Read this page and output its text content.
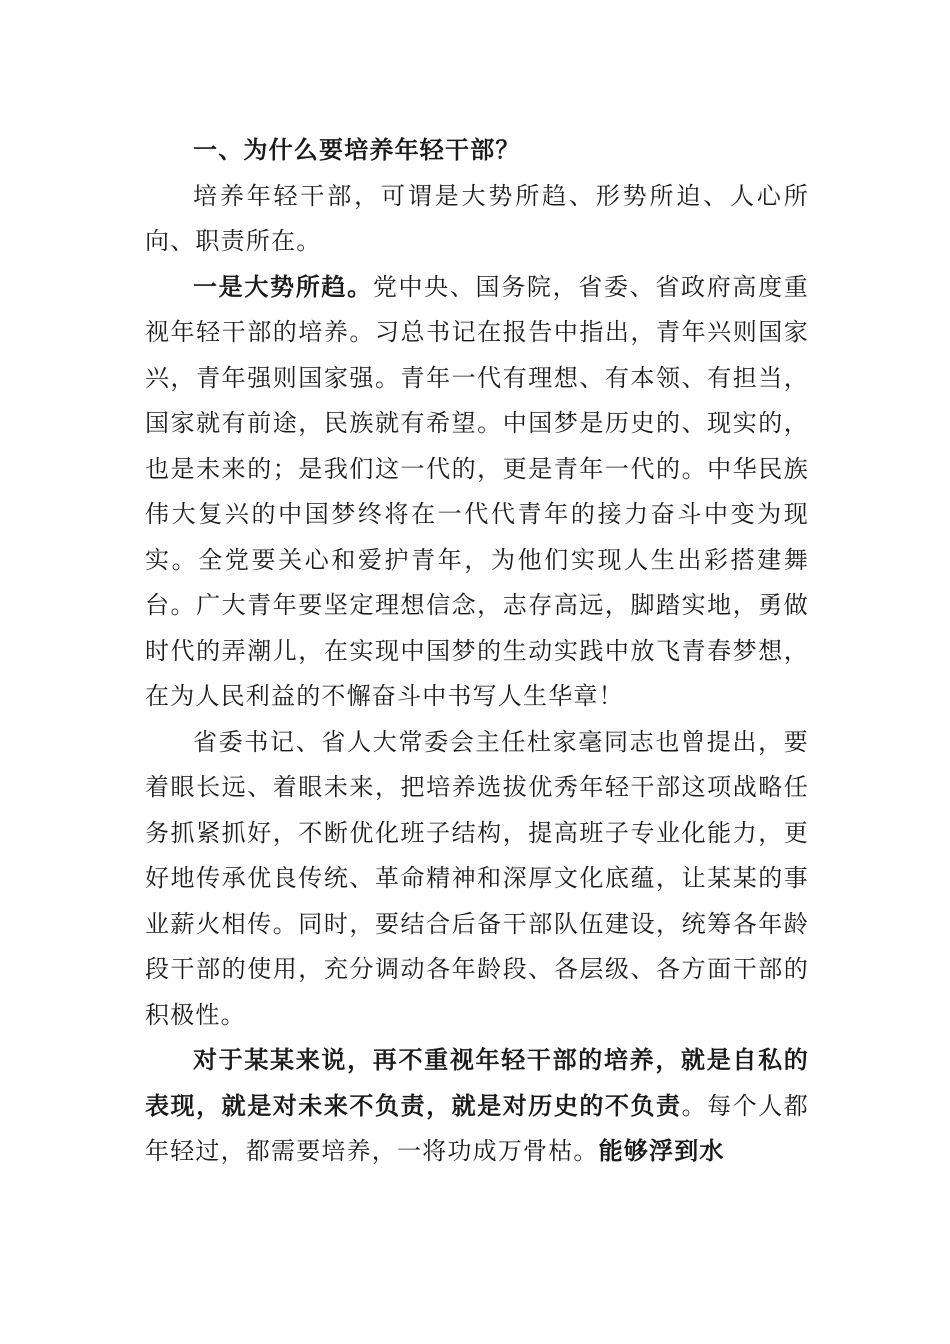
一、为什么要培养年轻干部？

培养年轻干部，可谓是大势所趋、形势所迫、人心所向、职责所在。

一是大势所趋。党中央、国务院，省委、省政府高度重视年轻干部的培养。习总书记在报告中指出，青年兴则国家兴，青年强则国家强。青年一代有理想、有本领、有担当，国家就有前途，民族就有希望。中国梦是历史的、现实的，也是未来的；是我们这一代的，更是青年一代的。中华民族伟大复兴的中国梦终将在一代代青年的接力奋斗中变为现实。全党要关心和爱护青年，为他们实现人生出彩搭建舞台。广大青年要坚定理想信念，志存高远，脚踏实地，勇做时代的弄潮儿，在实现中国梦的生动实践中放飞青春梦想，在为人民利益的不懈奋斗中书写人生华章！

省委书记、省人大常委会主任杜家毫同志也曾提出，要着眼长远、着眼未来，把培养选拔优秀年轻干部这项战略任务抓紧抓好，不断优化班子结构，提高班子专业化能力，更好地传承优良传统、革命精神和深厚文化底蕴，让某某的事业薪火相传。同时，要结合后备干部队伍建设，统筹各年龄段干部的使用，充分调动各年龄段、各层级、各方面干部的积极性。

对于某某来说，再不重视年轻干部的培养，就是自私的表现，就是对未来不负责，就是对历史的不负责。每个人都年轻过，都需要培养，一将功成万骨枯。能够浮到水
